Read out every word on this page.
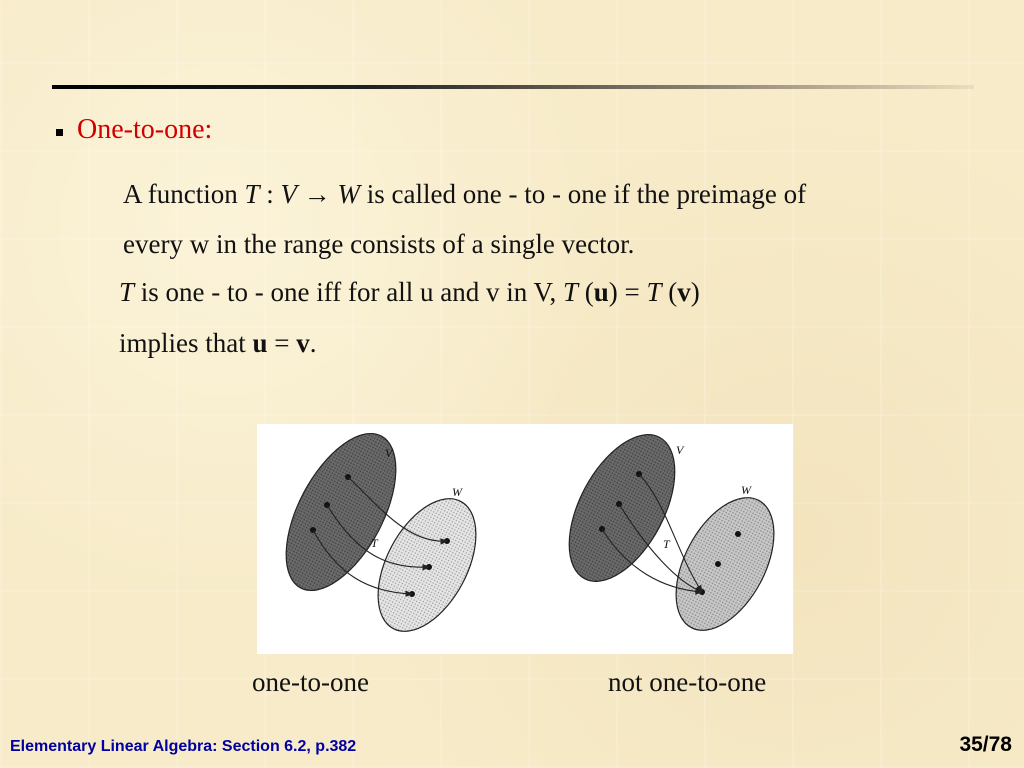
One-to-one:
A function T : V → W is called one - to - one if the preimage of
every w in the range consists of a single vector.
T is one - to - one iff for all u and v in V, T (u) = T (v)
implies that u = v.
V
W
T
V
W
T
one-to-one	not one-to-one
Elementary Linear Algebra: Section 6.2, p.382	35/78
